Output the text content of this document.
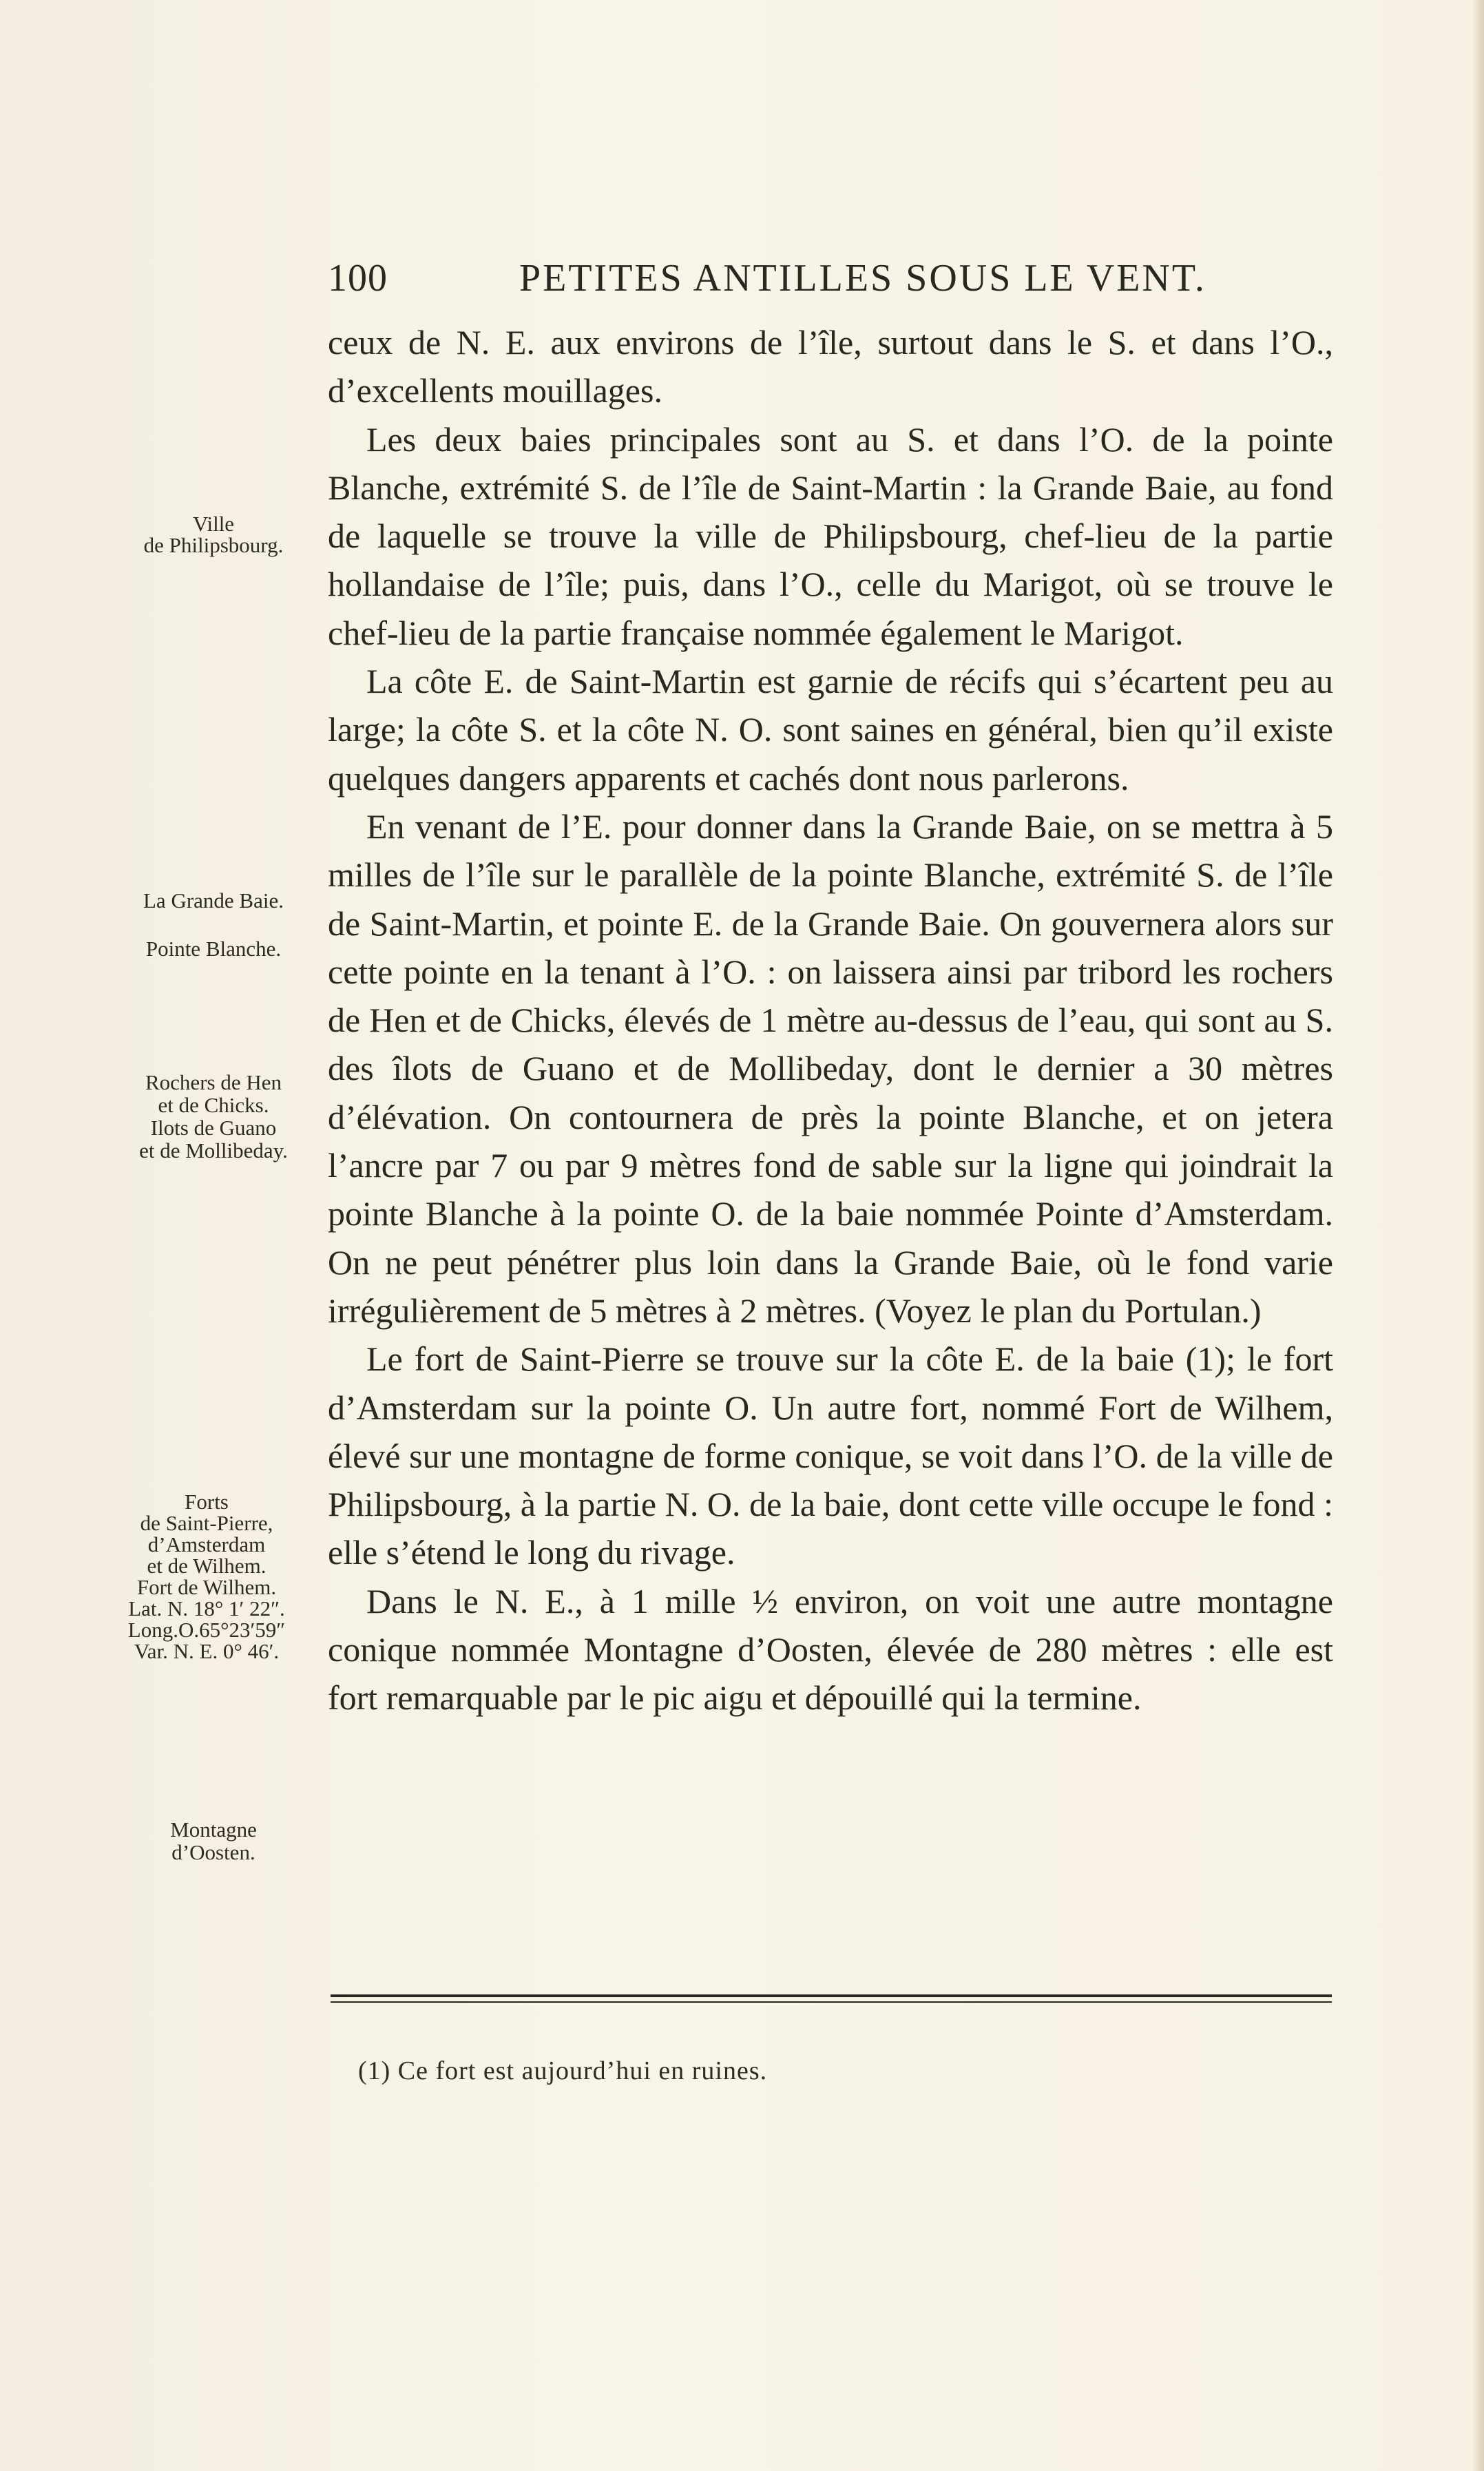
100	PETITES ANTILLES SOUS LE VENT.

ceux de N. E. aux environs de l’île, surtout dans le S. et dans l’O., d’excellents mouillages.

Les deux baies principales sont au S. et dans l’O. de la pointe Blanche, extrémité S. de l’île de Saint-Martin : la Grande Baie, au fond de laquelle se trouve la ville de Philipsbourg, chef-lieu de la partie hollandaise de l’île; puis, dans l’O., celle du Marigot, où se trouve le chef-lieu de la partie française nommée également le Marigot.

La côte E. de Saint-Martin est garnie de récifs qui s’écartent peu au large; la côte S. et la côte N. O. sont saines en général, bien qu’il existe quelques dangers apparents et cachés dont nous parlerons.

En venant de l’E. pour donner dans la Grande Baie, on se mettra à 5 milles de l’île sur le parallèle de la pointe Blanche, extrémité S. de l’île de Saint-Martin, et pointe E. de la Grande Baie. On gouvernera alors sur cette pointe en la tenant à l’O. : on laissera ainsi par tribord les rochers de Hen et de Chicks, élevés de 1 mètre au-dessus de l’eau, qui sont au S. des îlots de Guano et de Mollibeday, dont le dernier a 30 mètres d’élévation. On contournera de près la pointe Blanche, et on jetera l’ancre par 7 ou par 9 mètres fond de sable sur la ligne qui joindrait la pointe Blanche à la pointe O. de la baie nommée Pointe d’Amsterdam. On ne peut pénétrer plus loin dans la Grande Baie, où le fond varie irrégulièrement de 5 mètres à 2 mètres. (Voyez le plan du Portulan.)

Le fort de Saint-Pierre se trouve sur la côte E. de la baie (1); le fort d’Amsterdam sur la pointe O. Un autre fort, nommé Fort de Wilhem, élevé sur une montagne de forme conique, se voit dans l’O. de la ville de Philipsbourg, à la partie N. O. de la baie, dont cette ville occupe le fond : elle s’étend le long du rivage.

Dans le N. E., à 1 mille ½ environ, on voit une autre montagne conique nommée Montagne d’Oosten, élevée de 280 mètres : elle est fort remarquable par le pic aigu et dépouillé qui la termine.

Ville
de Philipsbourg.
La Grande Baie.
Pointe Blanche.
Rochers de Hen
et de Chicks.
Ilots de Guano
et de Mollibeday.
Forts
de Saint-Pierre,
d’Amsterdam
et de Wilhem.
Fort de Wilhem.
Lat. N. 18° 1′ 22″.
Long.O.65°23′59″
Var. N. E. 0° 46′.
Montagne
d’Oosten.
(1) Ce fort est aujourd’hui en ruines.
